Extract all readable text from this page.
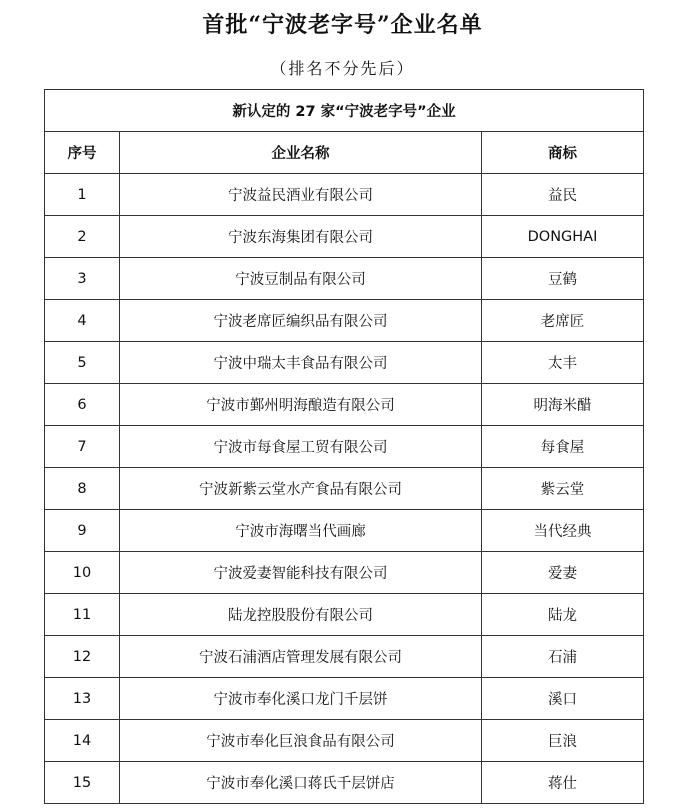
首批“宁波老字号”企业名单
（排名不分先后）
新认定的 27 家“宁波老字号”企业		
序号	企业名称	商标
1	宁波益民酒业有限公司	益民
2	宁波东海集团有限公司	DONGHAI
3	宁波豆制品有限公司	豆鹤
4	宁波老席匠编织品有限公司	老席匠
5	宁波中瑞太丰食品有限公司	太丰
6	宁波市鄞州明海酿造有限公司	明海米醋
7	宁波市每食屋工贸有限公司	每食屋
8	宁波新紫云堂水产食品有限公司	紫云堂
9	宁波市海曙当代画廊	当代经典
10	宁波爱妻智能科技有限公司	爱妻
11	陆龙控股股份有限公司	陆龙
12	宁波石浦酒店管理发展有限公司	石浦
13	宁波市奉化溪口龙门千层饼	溪口
14	宁波市奉化巨浪食品有限公司	巨浪
15	宁波市奉化溪口蒋氏千层饼店	蒋仕
